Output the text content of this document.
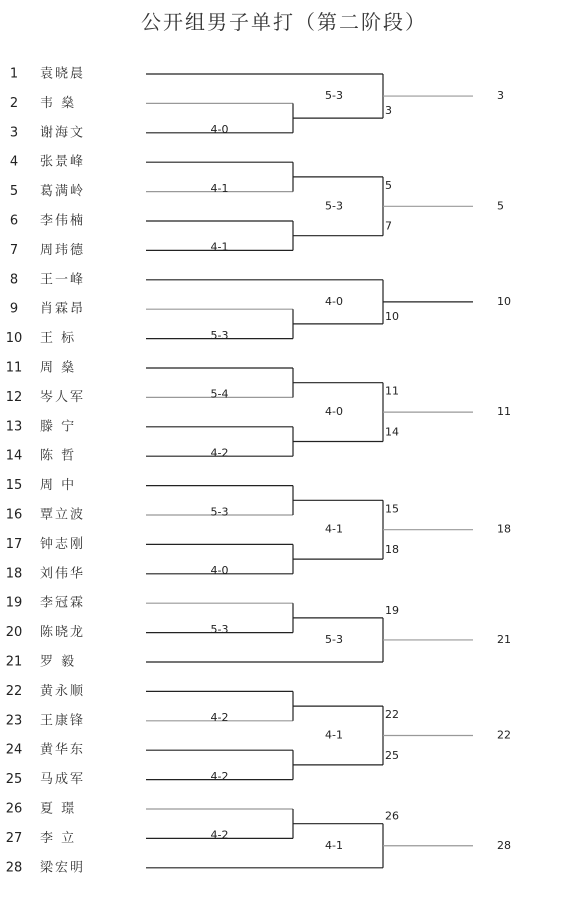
公开组男子单打（第二阶段）
1 袁晓晨
2 韦 燊
3 谢海文
4 张景峰
5 葛满岭
6 李伟楠
7 周玮德
8 王一峰
9 肖霖昂
10 王 标
11 周 燊
12 岑人军
13 滕 宁
14 陈 哲
15 周 中
16 覃立波
17 钟志刚
18 刘伟华
19 李冠霖
20 陈晓龙
21 罗 毅
22 黄永顺
23 王康锋
24 黄华东
25 马成军
26 夏 璟
27 李 立
28 梁宏明
4-0
3
3
5-3
4-1
4-1
5
7
5
5-3
5-3
10
10
4-0
5-4
4-2
11
14
11
4-0
5-3
4-0
15
18
18
4-1
5-3
19
21
5-3
4-2
4-2
22
25
22
4-1
4-2
26
28
4-1
